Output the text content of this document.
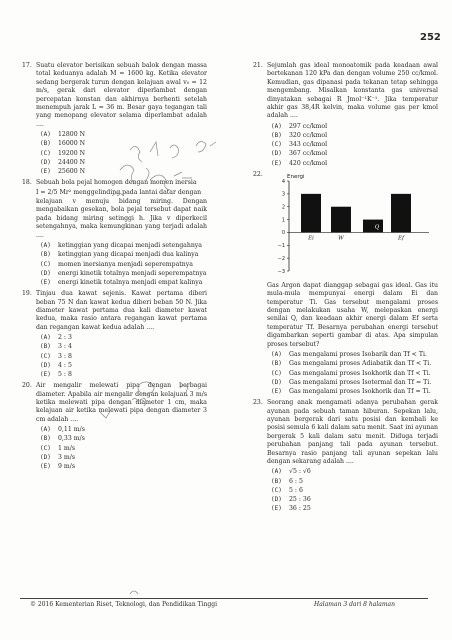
252
17. Suatu elevator berisikan sebuah balok dengan massa total keduanya adalah M = 1600 kg. Ketika elevator sedang bergerak turun dengan kelajuan awal v₀ = 12 m/s, gerak dari elevator diperlambat dengan percepatan konstan dan akhirnya berhenti setelah menempuh jarak L = 36 m. Besar gaya tegangan tali yang menopang elevator selama diperlambat adalah ....
(A) 12800 N
(B) 16000 N
(C) 19200 N
(D) 24400 N
(E) 25600 N
18. Sebuah bola pejal homogen dengan momen inersia
I = 2/5 Mr² menggelinding pada lantai datar dengan
kelajuan v menuju bidang miring. Dengan mengabaikan gesekan, bola pejal tersebut dapat naik pada bidang miring setinggi h. Jika v diperkecil setengahnya, maka kemungkinan yang terjadi adalah ....
(A) ketinggian yang dicapai menjadi setengahnya
(B) ketinggian yang dicapai menjadi dua kalinya
(C) momen inersianya menjadi seperempatnya
(D) energi kinetik totalnya menjadi seperempatnya
(E) energi kinetik totalnya menjadi empat kalinya
19. Tinjau dua kawat sejenis. Kawat pertama diberi beban 75 N dan kawat kedua diberi beban 50 N. Jika diameter kawat pertama dua kali diameter kawat kedua, maka rasio antara regangan kawat pertama dan regangan kawat kedua adalah ....
(A) 2 : 3
(B) 3 : 4
(C) 3 : 8
(D) 4 : 5
(E) 5 : 8
20. Air mengalir melewati pipa dengan berbagai diameter. Apabila air mengalir dengan kelajuan 3 m/s ketika melewati pipa dengan diameter 1 cm, maka kelajuan air ketika melewati pipa dengan diameter 3 cm adalah ....
(A) 0,11 m/s
(B) 0,33 m/s
(C) 1 m/s
(D) 3 m/s
(E) 9 m/s
21. Sejumlah gas ideal monoatomik pada keadaan awal bertekanan 120 kPa dan dengan volume 250 cc/kmol. Kemudian, gas dipanasi pada tekanan tetap sehingga mengembang. Misalkan konstanta gas universal dinyatakan sebagai R Jmol⁻¹K⁻¹. Jika temperatur akhir gas 38,4R kelvin, maka volume gas per kmol adalah ....
(A) 297 cc/kmol
(B) 320 cc/kmol
(C) 343 cc/kmol
(D) 367 cc/kmol
(E) 420 cc/kmol
22.	Energi
4
3
2
1
0
−1
−2
−3
Ei	W
Q
Ef
Gas Argon dapat dianggap sebagai gas ideal. Gas itu mula-mula mempunyai energi dalam Ei dan temperatur Ti. Gas tersebut mengalami proses dengan melakukan usaha W, melepaskan energi senilai Q, dan keadaan akhir energi dalam Ef serta temperatur Tf. Besarnya perubahan energi tersebut digambarkan seperti gambar di atas. Apa simpulan proses tersebut?
(A) Gas mengalami proses Isobarik dan Tf < Ti.
(B) Gas mengalami proses Adiabatik dan Tf < Ti.
(C) Gas mengalami proses Isokhorik dan Tf < Ti.
(D) Gas mengalami proses Isotermal dan Tf = Ti.
(E) Gas mengalami proses Isokhorik dan Tf = Ti.
23. Seorang anak mengamati adanya perubahan gerak ayunan pada sebuah taman hiburan. Sepekan lalu, ayunan bergerak dari satu posisi dan kembali ke posisi semula 6 kali dalam satu menit. Saat ini ayunan bergerak 5 kali dalam satu menit. Diduga terjadi perubahan panjang tali pada ayunan tersebut. Besarnya rasio panjang tali ayunan sepekan lalu dengan sekarang adalah ....
(A) √5 : √6
(B) 6 : 5
(C) 5 : 6
(D) 25 : 36
(E) 36 : 25
© 2016 Kementerian Riset, Teknologi, dan Pendidikan Tinggi	Halaman 3 dari 8 halaman
